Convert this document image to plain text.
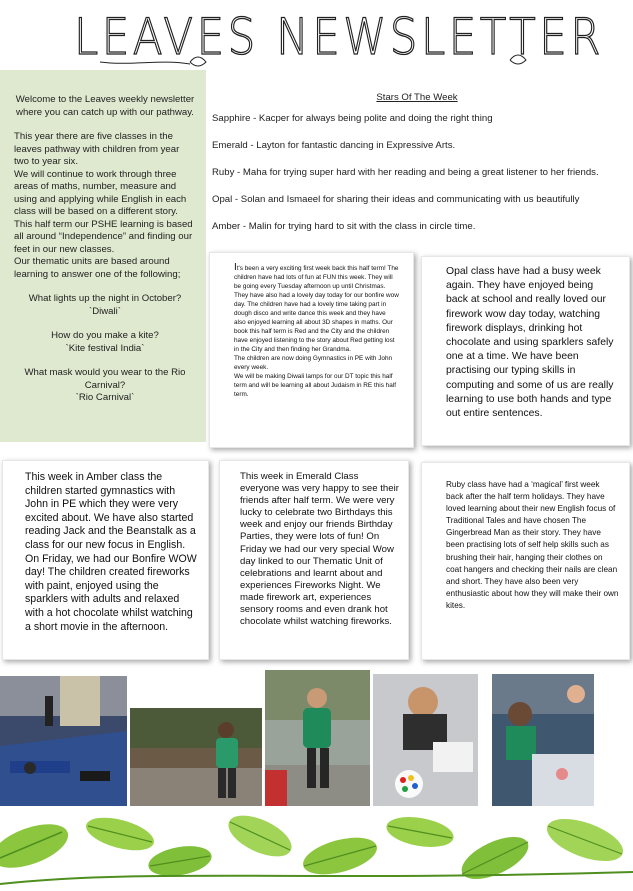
LEAVES NEWSLETTER

Welcome to the Leaves weekly newsletter where you can catch up with our pathway.

This year there are five classes in the leaves pathway with children from year two to year six.

We will continue to work through three areas of maths, number, measure and using and applying while English in each class will be based on a different story. This half term our PSHE learning is based all around “Independence” and finding our feet in our new classes.

Our thematic units are based around learning to answer one of the following;

What lights up the night in October?

`Diwali`

How do you make a kite?

`Kite festival India`

What mask would you wear to the Rio Carnival?

`Rio Carnival`

Stars Of The Week
Sapphire - Kacper for always being polite and doing the right thing
Emerald - Layton for fantastic dancing in Expressive Arts.
Ruby - Maha for trying super hard with her reading and being a great listener to her friends.
Opal - Solan and Ismaeel for sharing their ideas and communicating with us beautifully
Amber - Malin for trying hard to sit with the class in circle time.
It's been a very exciting first week back this half term! The children have had lots of fun at FUN this week. They will be going every Tuesday afternoon up until Christmas. They have also had a lovely day today for our bonfire wow day. The children have had a lovely time taking part in dough disco and write dance this week and they have also enjoyed learning all about 3D shapes in maths. Our book this half term is Red and the City and the children have enjoyed listening to the story about Red getting lost in the City and then finding her Grandma.
The children are now doing Gymnastics in PE with John every week.
We will be making Diwali lamps for our DT topic this half term and will be learning all about Judaism in RE this half term.
Opal class have had a busy week again. They have enjoyed being back at school and really loved our firework wow day today, watching firework displays, drinking hot chocolate and using sparklers safely one at a time. We have been practising our typing skills in computing and some of us are really learning to use both hands and type out entire sentences.
This week in Amber class the children started gymnastics with John in PE which they were very excited about. We have also started reading Jack and the Beanstalk as a class for our new focus in English. On Friday, we had our Bonfire WOW day! The children created fireworks with paint, enjoyed using the sparklers with adults and relaxed with a hot chocolate whilst watching a short movie in the afternoon.
This week in Emerald Class everyone was very happy to see their friends after half term. We were very lucky to celebrate two Birthdays this week and enjoy our friends Birthday Parties, they were lots of fun! On Friday we had our very special Wow day linked to our Thematic Unit of celebrations and learnt about and experiences Fireworks Night. We made firework art, experiences sensory rooms and even drank hot chocolate whilst watching fireworks.
Ruby class have had a ‘magical’ first week back after the half term holidays. They have loved learning about their new English focus of Traditional Tales and have chosen The Gingerbread Man as their story. They have been practising lots of self help skills such as brushing their hair, hanging their clothes on coat hangers and checking their nails are clean and short. They have also been very enthusiastic about how they will make their own kites.
